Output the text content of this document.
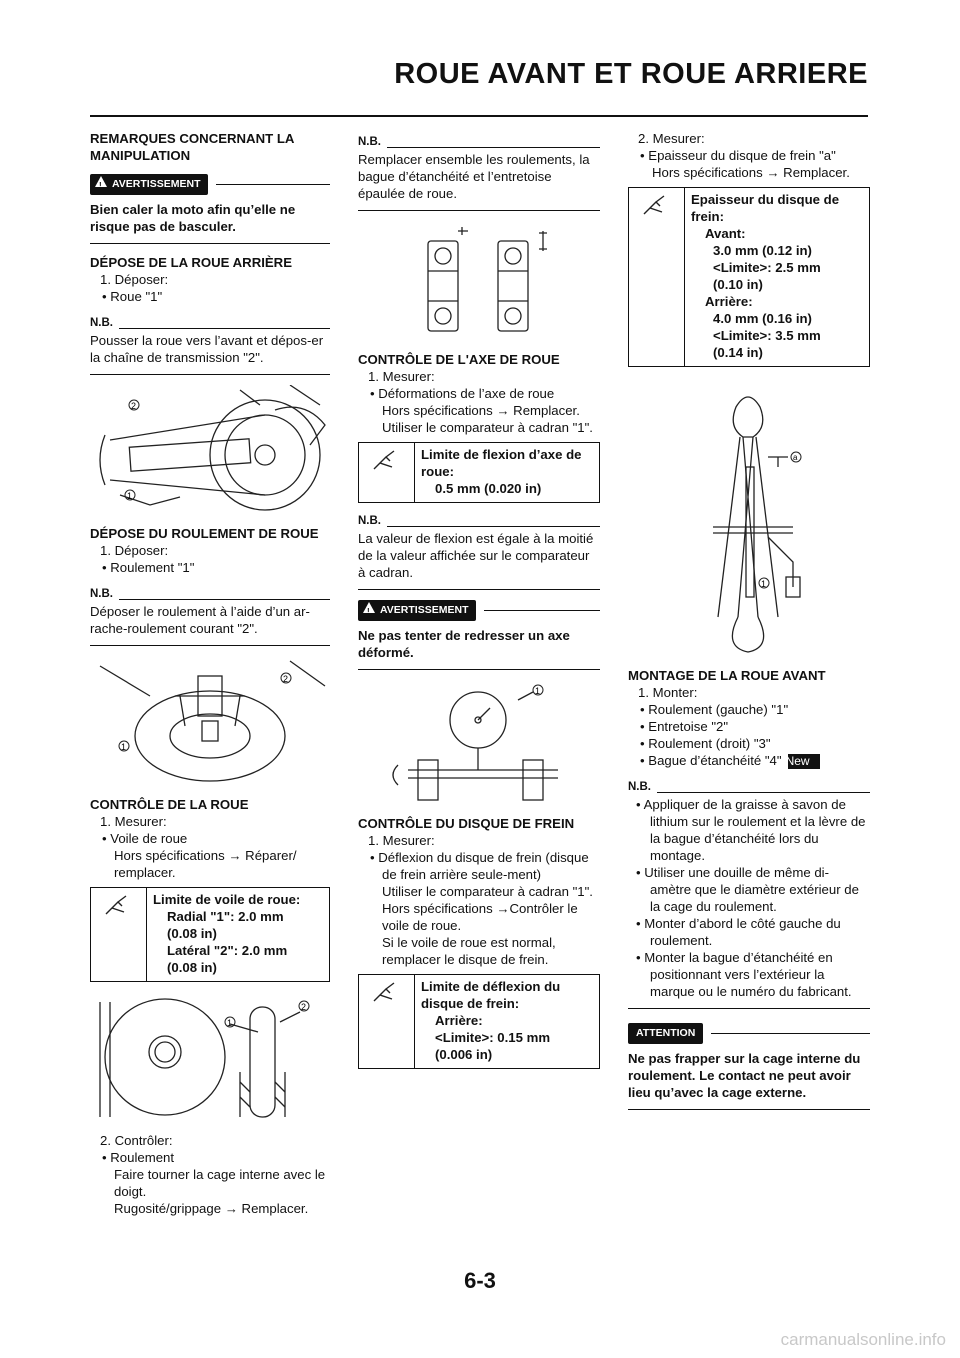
ROUE AVANT ET ROUE ARRIERE
REMARQUES CONCERNANT LA MANIPULATION
!
AVERTISSEMENT
Bien caler la moto afin qu’elle ne risque pas de basculer.
DÉPOSE DE LA ROUE ARRIÈRE
1. Déposer:
• Roue "1"
N.B.
Pousser la roue vers l’avant et dépos-er la chaîne de transmission "2".
2
1
DÉPOSE DU ROULEMENT DE ROUE
1. Déposer:
• Roulement "1"
N.B.
Déposer le roulement à l’aide d’un ar-rache-roulement courant "2".
2
1
CONTRÔLE DE LA ROUE
1. Mesurer:
• Voile de roue
Hors spécifications → Réparer/ remplacer.
Limite de voile de roue:
Radial "1": 2.0 mm
(0.08 in)
Latéral "2": 2.0 mm
(0.08 in)
1
2
2. Contrôler:
• Roulement
Faire tourner la cage interne avec le doigt.
Rugosité/grippage → Remplacer.
N.B.
Remplacer ensemble les roulements, la bague d’étanchéité et l’entretoise épaulée de roue.
CONTRÔLE DE L'AXE DE ROUE
1. Mesurer:
• Déformations de l’axe de roue
Hors spécifications → Remplacer.
Utiliser le comparateur à cadran "1".
Limite de flexion d’axe de roue:
0.5 mm (0.020 in)
N.B.
La valeur de flexion est égale à la moitié de la valeur affichée sur le comparateur à cadran.
!
AVERTISSEMENT
Ne pas tenter de redresser un axe déformé.
1
CONTRÔLE DU DISQUE DE FREIN
1. Mesurer:
• Déflexion du disque de frein (disque de frein arrière seule-ment)
Utiliser le comparateur à cadran "1".
Hors spécifications →Contrôler le voile de roue.
Si le voile de roue est normal, remplacer le disque de frein.
Limite de déflexion du disque de frein:
Arrière:
<Limite>: 0.15 mm
(0.006 in)
2. Mesurer:
• Epaisseur du disque de frein "a"
Hors spécifications → Remplacer.
Epaisseur du disque de frein:
Avant:
3.0 mm (0.12 in)
<Limite>: 2.5 mm
(0.10 in)
Arrière:
4.0 mm (0.16 in)
<Limite>: 3.5 mm
(0.14 in)
a
1
MONTAGE DE LA ROUE AVANT
1. Monter:
• Roulement (gauche) "1"
• Entretoise "2"
• Roulement (droit) "3"
• Bague d’étanchéité "4" New
N.B.
• Appliquer de la graisse à savon de lithium sur le roulement et la lèvre de la bague d’étanchéité lors du montage.
• Utiliser une douille de même di-amètre que le diamètre extérieur de la cage du roulement.
• Monter d’abord le côté gauche du roulement.
• Monter la bague d’étanchéité en positionnant vers l’extérieur la marque ou le numéro du fabricant.
ATTENTION
Ne pas frapper sur la cage interne du roulement. Le contact ne peut avoir lieu qu’avec la cage externe.
6-3
carmanualsonline.info
